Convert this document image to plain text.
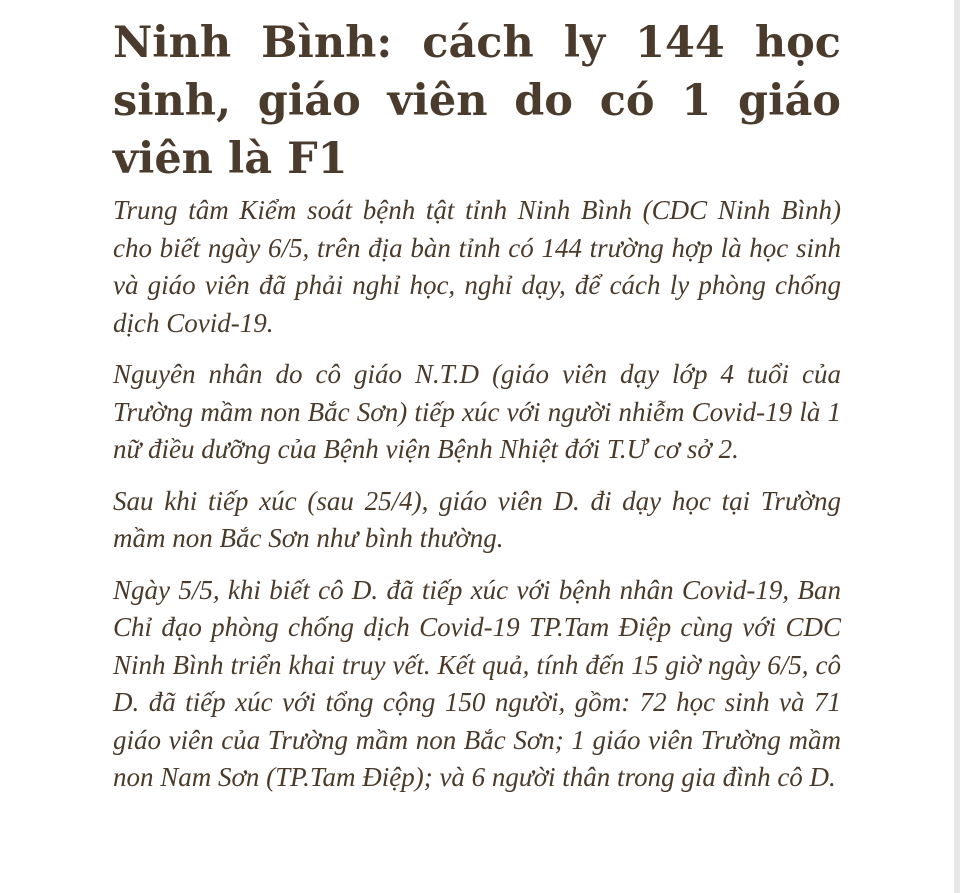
Ninh Bình: cách ly 144 học sinh, giáo viên do có 1 giáo viên là F1

Trung tâm Kiểm soát bệnh tật tỉnh Ninh Bình (CDC Ninh Bình) cho biết ngày 6/5, trên địa bàn tỉnh có 144 trường hợp là học sinh và giáo viên đã phải nghỉ học, nghỉ dạy, để cách ly phòng chống dịch Covid-19.

Nguyên nhân do cô giáo N.T.D (giáo viên dạy lớp 4 tuổi của Trường mầm non Bắc Sơn) tiếp xúc với người nhiễm Covid-19 là 1 nữ điều dưỡng của Bệnh viện Bệnh Nhiệt đới T.Ư cơ sở 2.

Sau khi tiếp xúc (sau 25/4), giáo viên D. đi dạy học tại Trường mầm non Bắc Sơn như bình thường.

Ngày 5/5, khi biết cô D. đã tiếp xúc với bệnh nhân Covid-19, Ban Chỉ đạo phòng chống dịch Covid-19 TP.Tam Điệp cùng với CDC Ninh Bình triển khai truy vết. Kết quả, tính đến 15 giờ ngày 6/5, cô D. đã tiếp xúc với tổng cộng 150 người, gồm: 72 học sinh và 71 giáo viên của Trường mầm non Bắc Sơn; 1 giáo viên Trường mầm non Nam Sơn (TP.Tam Điệp); và 6 người thân trong gia đình cô D.
